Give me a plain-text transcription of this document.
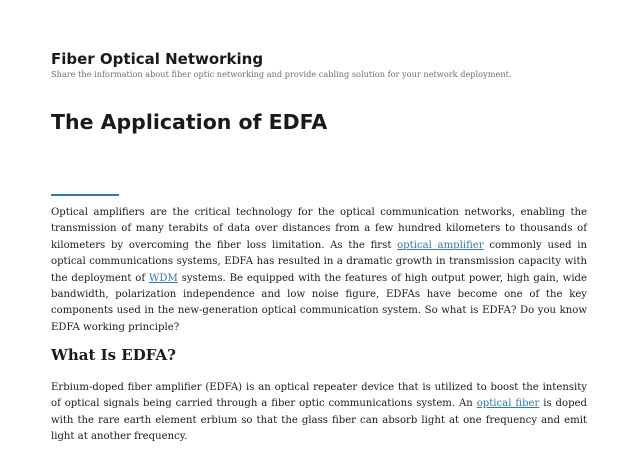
Fiber Optical Networking

Share the information about fiber optic networking and provide cabling solution for your network deployment.

The Application of EDFA

Optical amplifiers are the critical technology for the optical communication networks, enabling the transmission of many terabits of data over distances from a few hundred kilometers to thousands of kilometers by overcoming the fiber loss limitation. As the first optical amplifier commonly used in optical communications systems, EDFA has resulted in a dramatic growth in transmission capacity with the deployment of WDM systems. Be equipped with the features of high output power, high gain, wide bandwidth, polarization independence and low noise figure, EDFAs have become one of the key components used in the new-generation optical communication system. So what is EDFA? Do you know EDFA working principle?

What Is EDFA?

Erbium-doped fiber amplifier (EDFA) is an optical repeater device that is utilized to boost the intensity of optical signals being carried through a fiber optic communications system. An optical fiber is doped with the rare earth element erbium so that the glass fiber can absorb light at one frequency and emit light at another frequency.
